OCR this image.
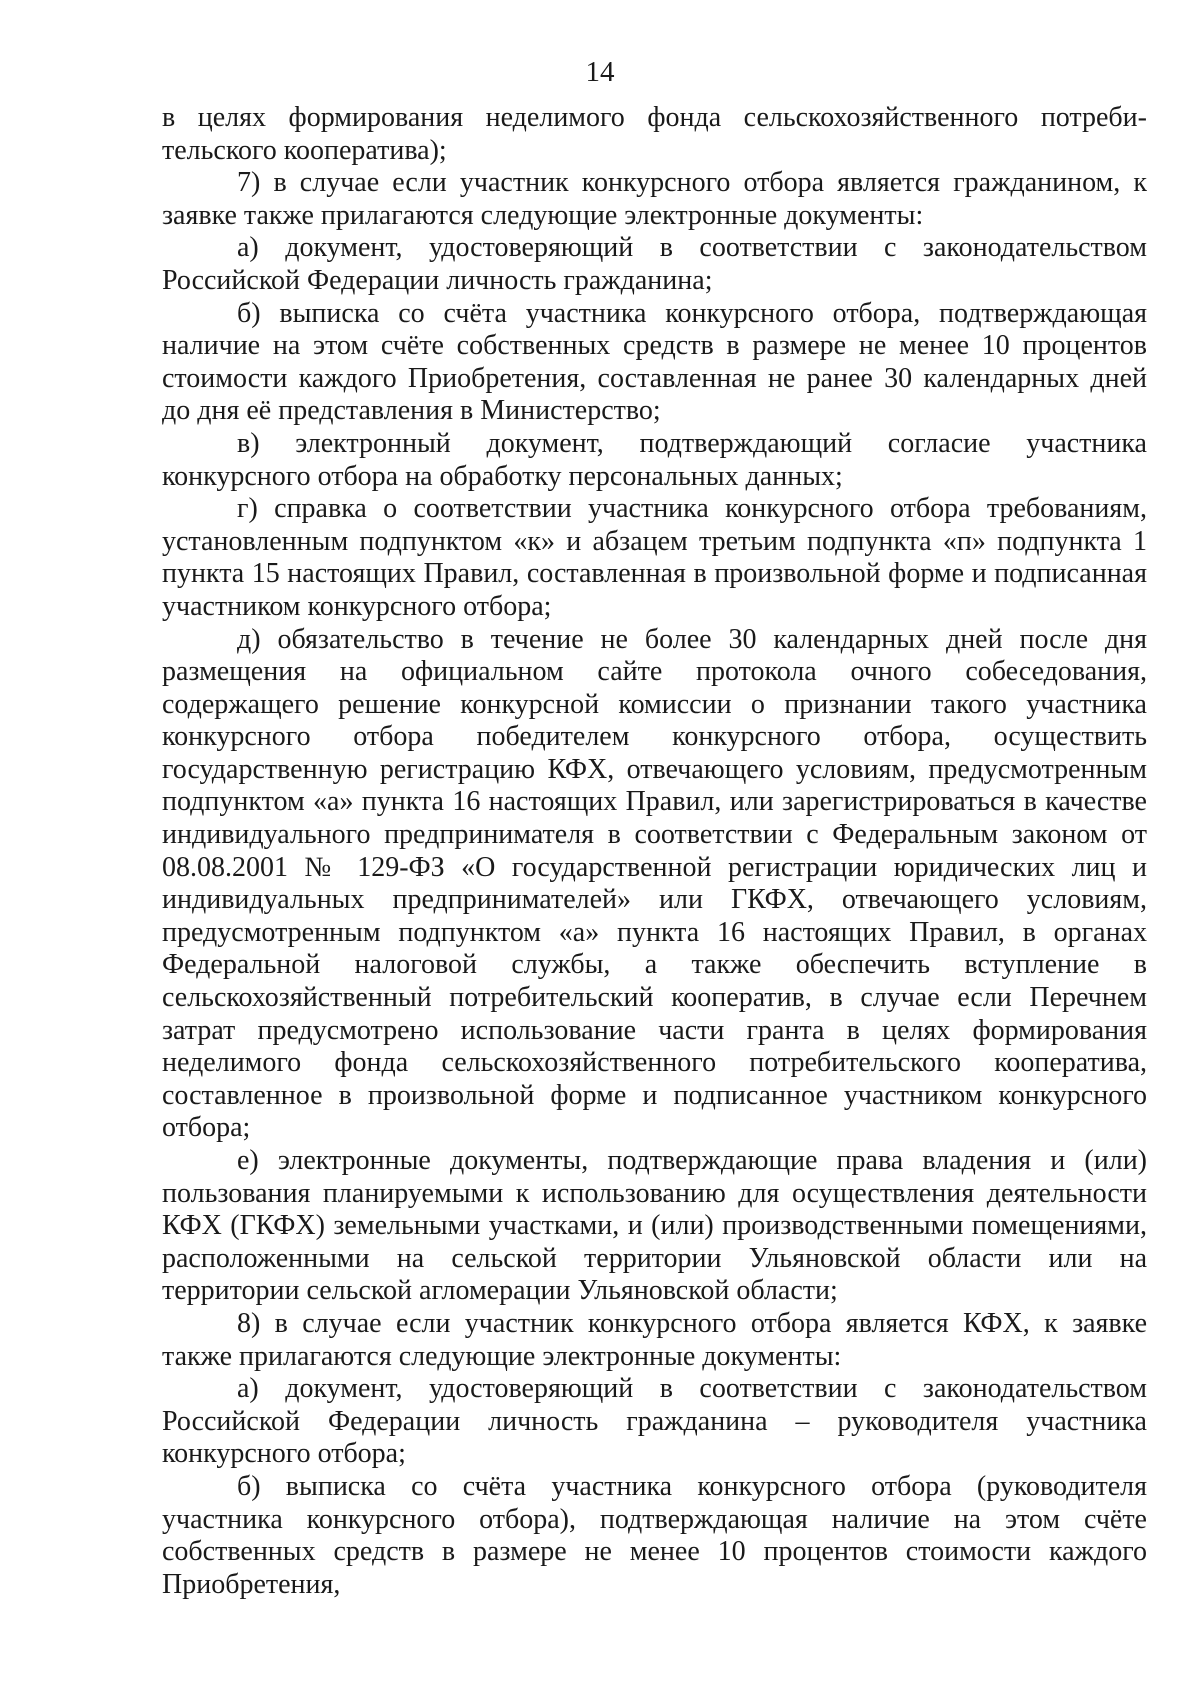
14

в целях формирования неделимого фонда сельскохозяйственного потребительского кооператива);

7) в случае если участник конкурсного отбора является гражданином, к заявке также прилагаются следующие электронные документы:

а) документ, удостоверяющий в соответствии с законодательством Российской Федерации личность гражданина;

б) выписка со счёта участника конкурсного отбора, подтверждающая наличие на этом счёте собственных средств в размере не менее 10 процентов стоимости каждого Приобретения, составленная не ранее 30 календарных дней до дня её представления в Министерство;

в) электронный документ, подтверждающий согласие участника конкурсного отбора на обработку персональных данных;

г) справка о соответствии участника конкурсного отбора требованиям, установленным подпунктом «к» и абзацем третьим подпункта «п» подпункта 1 пункта 15 настоящих Правил, составленная в произвольной форме и подписанная участником конкурсного отбора;

д) обязательство в течение не более 30 календарных дней после дня размещения на официальном сайте протокола очного собеседования, содержащего решение конкурсной комиссии о признании такого участника конкурсного отбора победителем конкурсного отбора, осуществить государственную регистрацию КФХ, отвечающего условиям, предусмотренным подпунктом «а» пункта 16 настоящих Правил, или зарегистрироваться в качестве индивидуального предпринимателя в соответствии с Федеральным законом от 08.08.2001 № 129-ФЗ «О государственной регистрации юридических лиц и индивидуальных предпринимателей» или ГКФХ, отвечающего условиям, предусмотренным подпунктом «а» пункта 16 настоящих Правил, в органах Федеральной налоговой службы, а также обеспечить вступление в сельскохозяйственный потребительский кооператив, в случае если Перечнем затрат предусмотрено использование части гранта в целях формирования неделимого фонда сельскохозяйственного потребительского кооператива, составленное в произвольной форме и подписанное участником конкурсного отбора;

е) электронные документы, подтверждающие права владения и (или) пользования планируемыми к использованию для осуществления деятельности КФХ (ГКФХ) земельными участками, и (или) производственными помещениями, расположенными на сельской территории Ульяновской области или на территории сельской агломерации Ульяновской области;

8) в случае если участник конкурсного отбора является КФХ, к заявке также прилагаются следующие электронные документы:

а) документ, удостоверяющий в соответствии с законодательством Российской Федерации личность гражданина – руководителя участника конкурсного отбора;

б) выписка со счёта участника конкурсного отбора (руководителя участника конкурсного отбора), подтверждающая наличие на этом счёте собственных средств в размере не менее 10 процентов стоимости каждого Приобретения,
